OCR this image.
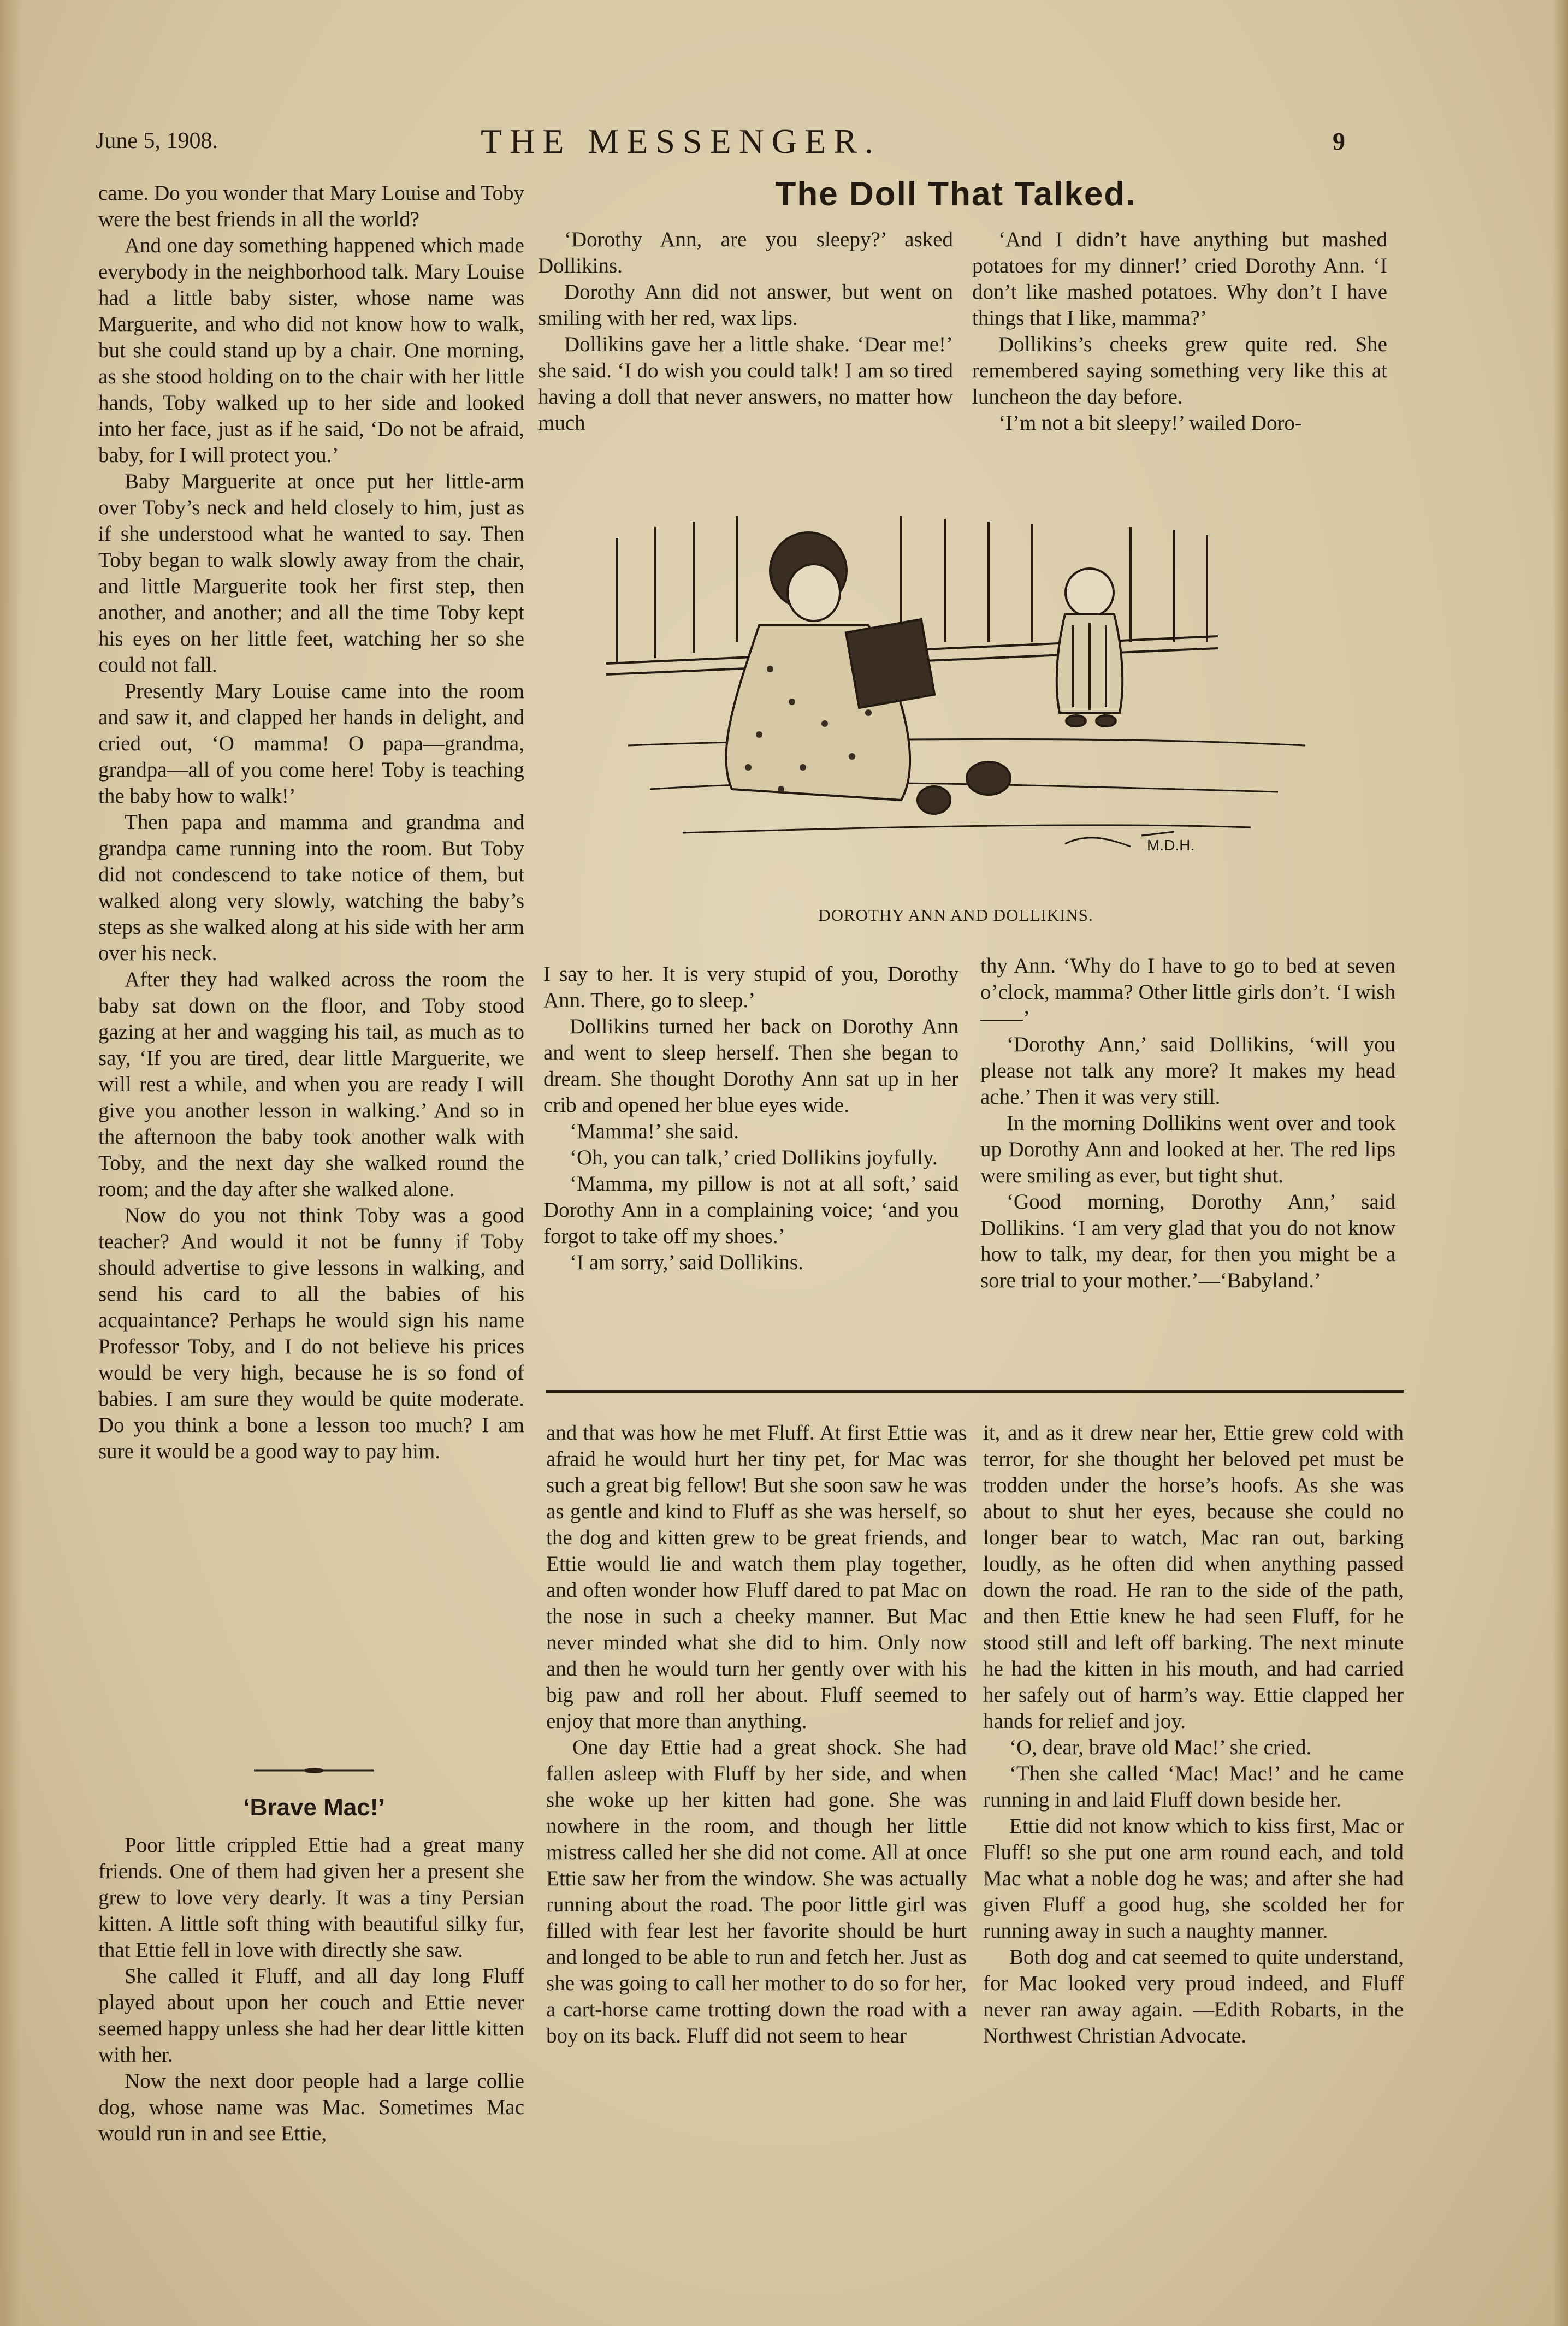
June 5, 1908.	THE MESSENGER.	9

came. Do you wonder that Mary Louise and Toby were the best friends in all the world?

And one day something happened which made everybody in the neighborhood talk. Mary Louise had a little baby sister, whose name was Marguerite, and who did not know how to walk, but she could stand up by a chair. One morning, as she stood holding on to the chair with her little hands, Toby walked up to her side and looked into her face, just as if he said, ‘Do not be afraid, baby, for I will protect you.’

Baby Marguerite at once put her little-arm over Toby’s neck and held closely to him, just as if she understood what he wanted to say. Then Toby began to walk slowly away from the chair, and little Marguerite took her first step, then another, and another; and all the time Toby kept his eyes on her little feet, watching her so she could not fall.

Presently Mary Louise came into the room and saw it, and clapped her hands in delight, and cried out, ‘O mamma! O papa—grandma, grandpa—all of you come here! Toby is teaching the baby how to walk!’

Then papa and mamma and grandma and grandpa came running into the room. But Toby did not condescend to take notice of them, but walked along very slowly, watching the baby’s steps as she walked along at his side with her arm over his neck.

After they had walked across the room the baby sat down on the floor, and Toby stood gazing at her and wagging his tail, as much as to say, ‘If you are tired, dear little Marguerite, we will rest a while, and when you are ready I will give you another lesson in walking.’ And so in the afternoon the baby took another walk with Toby, and the next day she walked round the room; and the day after she walked alone.

Now do you not think Toby was a good teacher? And would it not be funny if Toby should advertise to give lessons in walking, and send his card to all the babies of his acquaintance? Perhaps he would sign his name Professor Toby, and I do not believe his prices would be very high, because he is so fond of babies. I am sure they would be quite moderate. Do you think a bone a lesson too much? I am sure it would be a good way to pay him.

‘Brave Mac!’

Poor little crippled Ettie had a great many friends. One of them had given her a present she grew to love very dearly. It was a tiny Persian kitten. A little soft thing with beautiful silky fur, that Ettie fell in love with directly she saw.

She called it Fluff, and all day long Fluff played about upon her couch and Ettie never seemed happy unless she had her dear little kitten with her.

Now the next door people had a large collie dog, whose name was Mac. Sometimes Mac would run in and see Ettie,

The Doll That Talked.

‘Dorothy Ann, are you sleepy?’ asked Dollikins.

Dorothy Ann did not answer, but went on smiling with her red, wax lips.

Dollikins gave her a little shake. ‘Dear me!’ she said. ‘I do wish you could talk! I am so tired having a doll that never answers, no matter how much

‘And I didn’t have anything but mashed potatoes for my dinner!’ cried Dorothy Ann. ‘I don’t like mashed potatoes. Why don’t I have things that I like, mamma?’

Dollikins’s cheeks grew quite red. She remembered saying something very like this at luncheon the day before.

‘I’m not a bit sleepy!’ wailed Doro-

M.D.H.
DOROTHY ANN AND DOLLIKINS.

I say to her. It is very stupid of you, Dorothy Ann. There, go to sleep.’

Dollikins turned her back on Dorothy Ann and went to sleep herself. Then she began to dream. She thought Dorothy Ann sat up in her crib and opened her blue eyes wide.

‘Mamma!’ she said.

‘Oh, you can talk,’ cried Dollikins joyfully.

‘Mamma, my pillow is not at all soft,’ said Dorothy Ann in a complaining voice; ‘and you forgot to take off my shoes.’

‘I am sorry,’ said Dollikins.

thy Ann. ‘Why do I have to go to bed at seven o’clock, mamma? Other little girls don’t. ‘I wish——’

‘Dorothy Ann,’ said Dollikins, ‘will you please not talk any more? It makes my head ache.’ Then it was very still.

In the morning Dollikins went over and took up Dorothy Ann and looked at her. The red lips were smiling as ever, but tight shut.

‘Good morning, Dorothy Ann,’ said Dollikins. ‘I am very glad that you do not know how to talk, my dear, for then you might be a sore trial to your mother.’—‘Babyland.’

and that was how he met Fluff. At first Ettie was afraid he would hurt her tiny pet, for Mac was such a great big fellow! But she soon saw he was as gentle and kind to Fluff as she was herself, so the dog and kitten grew to be great friends, and Ettie would lie and watch them play together, and often wonder how Fluff dared to pat Mac on the nose in such a cheeky manner. But Mac never minded what she did to him. Only now and then he would turn her gently over with his big paw and roll her about. Fluff seemed to enjoy that more than anything.

One day Ettie had a great shock. She had fallen asleep with Fluff by her side, and when she woke up her kitten had gone. She was nowhere in the room, and though her little mistress called her she did not come. All at once Ettie saw her from the window. She was actually running about the road. The poor little girl was filled with fear lest her favorite should be hurt and longed to be able to run and fetch her. Just as she was going to call her mother to do so for her, a cart-horse came trotting down the road with a boy on its back. Fluff did not seem to hear

it, and as it drew near her, Ettie grew cold with terror, for she thought her beloved pet must be trodden under the horse’s hoofs. As she was about to shut her eyes, because she could no longer bear to watch, Mac ran out, barking loudly, as he often did when anything passed down the road. He ran to the side of the path, and then Ettie knew he had seen Fluff, for he stood still and left off barking. The next minute he had the kitten in his mouth, and had carried her safely out of harm’s way. Ettie clapped her hands for relief and joy.

‘O, dear, brave old Mac!’ she cried.

‘Then she called ‘Mac! Mac!’ and he came running in and laid Fluff down beside her.

Ettie did not know which to kiss first, Mac or Fluff! so she put one arm round each, and told Mac what a noble dog he was; and after she had given Fluff a good hug, she scolded her for running away in such a naughty manner.

Both dog and cat seemed to quite understand, for Mac looked very proud indeed, and Fluff never ran away again. —Edith Robarts, in the Northwest Christian Advocate.
